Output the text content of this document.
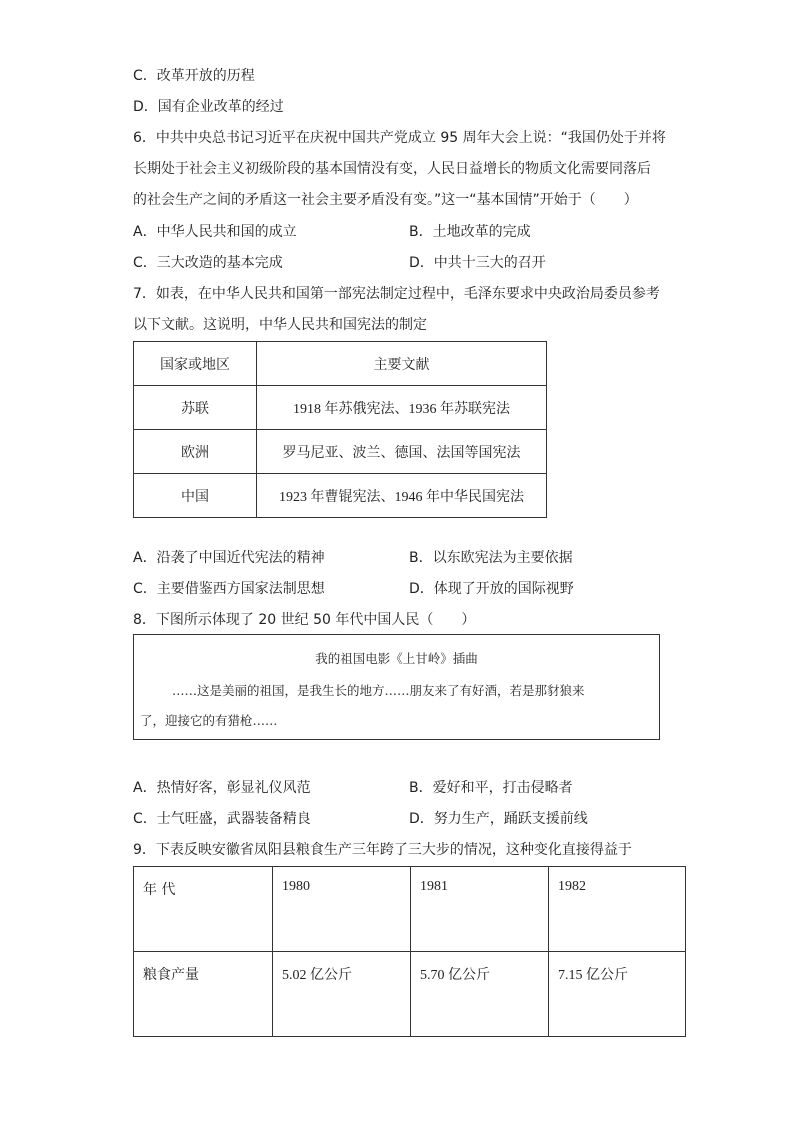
C．改革开放的历程
D．国有企业改革的经过
6．中共中央总书记习近平在庆祝中国共产党成立 95 周年大会上说：“我国仍处于并将
长期处于社会主义初级阶段的基本国情没有变，人民日益增长的物质文化需要同落后
的社会生产之间的矛盾这一社会主要矛盾没有变。”这一“基本国情”开始于（　　）
A．中华人民共和国的成立	B．土地改革的完成
C．三大改造的基本完成	D．中共十三大的召开
7．如表，在中华人民共和国第一部宪法制定过程中，毛泽东要求中央政治局委员参考
以下文献。这说明，中华人民共和国宪法的制定
国家或地区	主要文献
苏联	1918 年苏俄宪法、1936 年苏联宪法
欧洲	罗马尼亚、波兰、德国、法国等国宪法
中国	1923 年曹锟宪法、1946 年中华民国宪法
A．沿袭了中国近代宪法的精神	B．以东欧宪法为主要依据
C．主要借鉴西方国家法制思想	D．体现了开放的国际视野
8．下图所示体现了 20 世纪 50 年代中国人民（　　）
我的祖国电影《上甘岭》插曲
……这是美丽的祖国，是我生长的地方……朋友来了有好酒，若是那豺狼来
了，迎接它的有猎枪……
A．热情好客，彰显礼仪风范	B．爱好和平，打击侵略者
C．士气旺盛，武器装备精良	D．努力生产，踊跃支援前线
9．下表反映安徽省凤阳县粮食生产三年跨了三大步的情况，这种变化直接得益于
年 代	1980	1981	1982
粮食产量	5.02 亿公斤	5.70 亿公斤	7.15 亿公斤
